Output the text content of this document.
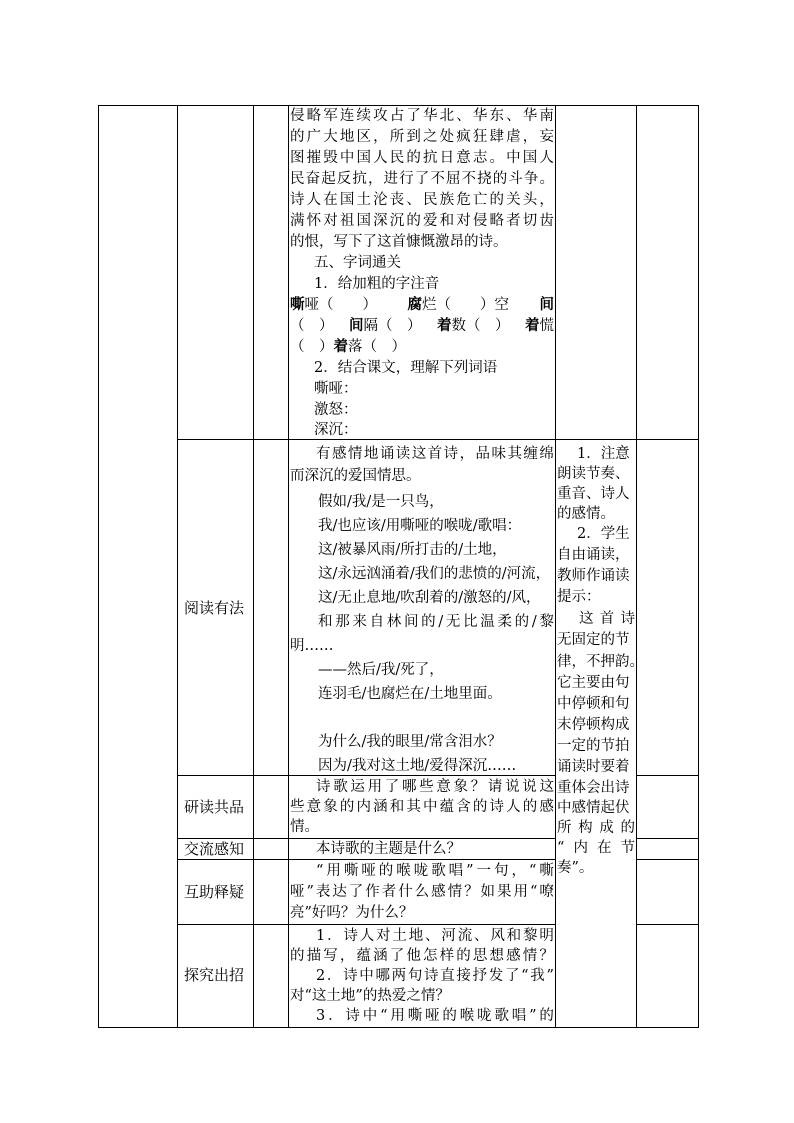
侵 略 军 连 续 攻 占 了 华 北 、 华 东 、 华 南
的 广 大 地 区 ， 所 到 之 处 疯 狂 肆 虐 ， 妄
图 摧 毁 中 国 人 民 的 抗 日 意 志 。 中 国 人
民 奋 起 反 抗 ， 进 行 了 不 屈 不 挠 的 斗 争 。
诗 人 在 国 土 沦 丧 、 民 族 危 亡 的 关 头 ，
满 怀 对 祖 国 深 沉 的 爱 和 对 侵 略 者 切 齿
的恨，写下了这首慷慨激昂的诗。
五、字词通关
1．给加粗的字注音
嘶哑（　　） 腐烂（　　）空 间
（　） 间隔（　） 着数（　） 着慌
（　）着落（　）
2．结合课文，理解下列词语
嘶哑：
激怒：
深沉：
阅读有法
有 感 情 地 诵 读 这 首 诗 ， 品 味 其 缠 绵
而深沉的爱国情思。
假如/我/是一只鸟，
我/也应该/用嘶哑的喉咙/歌唱：
这/被暴风雨/所打击的/土地，
这/永远汹涌着/我们的悲愤的/河流，
这/无止息地/吹刮着的/激怒的/风，
和 那 来 自 林 间 的 / 无 比 温 柔 的 / 黎
明……
——然后/我/死了，
连羽毛/也腐烂在/土地里面。
为什么/我的眼里/常含泪水？
因为/我对这土地/爱得深沉……
1．注意
朗读节奏、
重音、诗人
的感情。
2．学生
自由诵读，
教师作诵读
提示：
这 首 诗
无固定的节
律，不押韵。
它主要由句
中停顿和句
末停顿构成
一定的节拍
诵读时要着
重体会出诗
中感情起伏
所 构 成 的
“ 内 在 节
奏”。
研读共品
诗 歌 运 用 了 哪 些 意 象 ？ 请 说 说 这
些 意 象 的 内 涵 和 其 中 蕴 含 的 诗 人 的 感
情。
交流感知	本诗歌的主题是什么？
互助释疑
“ 用 嘶 哑 的 喉 咙 歌 唱 ” 一 句 ， “ 嘶
哑 ” 表 达 了 作 者 什 么 感 情 ？ 如 果 用 “ 嘹
亮”好吗？为什么？
探究出招
1 ． 诗 人 对 土 地 、 河 流 、 风 和 黎 明
的 描 写 ， 蕴 涵 了 他 怎 样 的 思 想 感 情 ？
2 ． 诗 中 哪 两 句 诗 直 接 抒 发 了 “ 我 ”
对“这土地”的热爱之情？
3 ． 诗 中 “ 用 嘶 哑 的 喉 咙 歌 唱 ” 的
